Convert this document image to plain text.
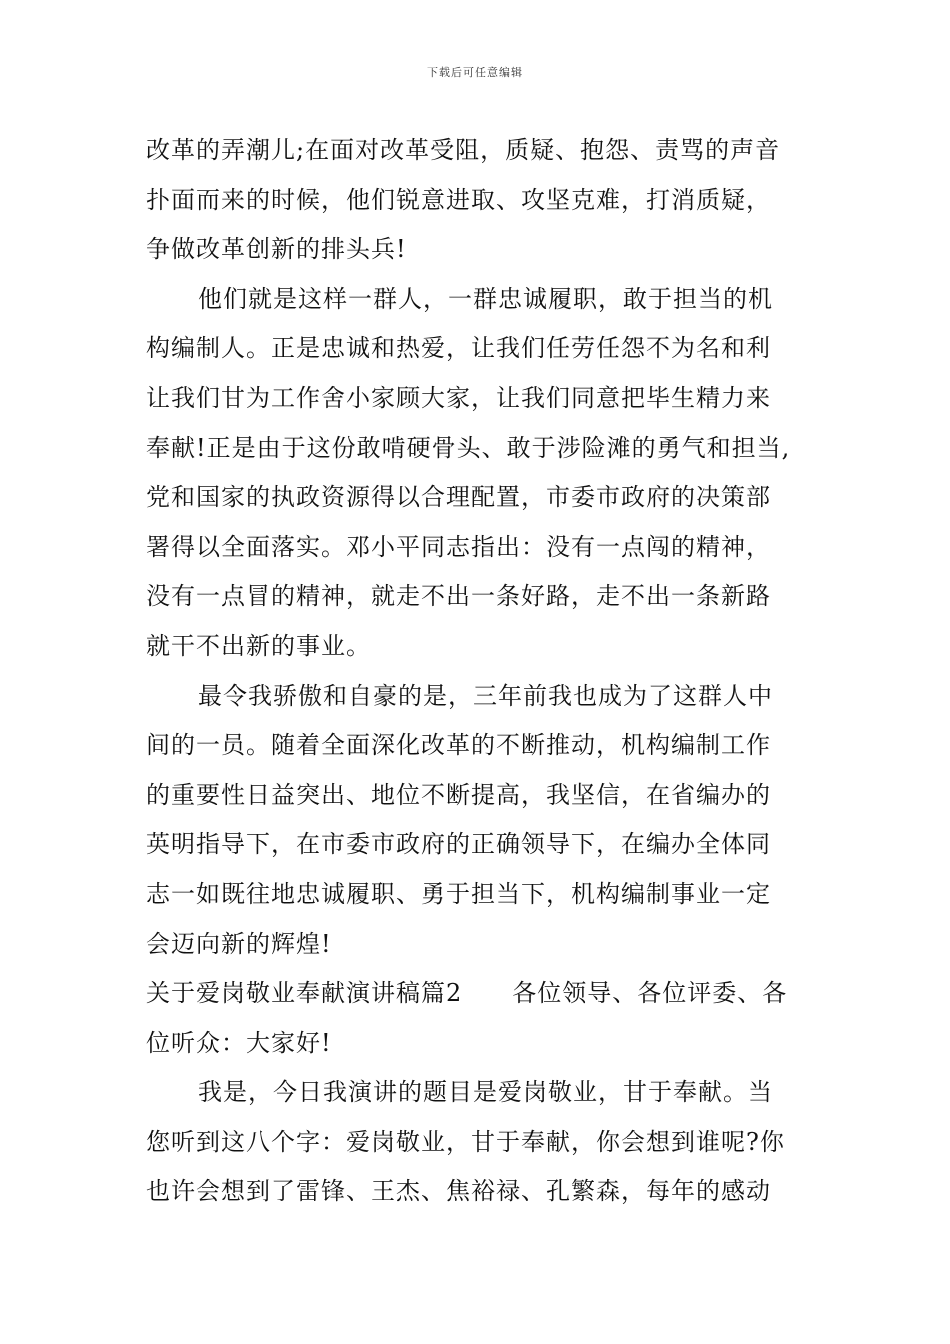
下载后可任意编辑
改革的弄潮儿;在面对改革受阻，质疑、抱怨、责骂的声音
扑面而来的时候，他们锐意进取、攻坚克难，打消质疑，
争做改革创新的排头兵!
他们就是这样一群人，一群忠诚履职，敢于担当的机
构编制人。正是忠诚和热爱，让我们任劳任怨不为名和利
让我们甘为工作舍小家顾大家，让我们同意把毕生精力来
奉献!正是由于这份敢啃硬骨头、敢于涉险滩的勇气和担当,
党和国家的执政资源得以合理配置，市委市政府的决策部
署得以全面落实。邓小平同志指出：没有一点闯的精神，
没有一点冒的精神，就走不出一条好路，走不出一条新路
就干不出新的事业。
最令我骄傲和自豪的是，三年前我也成为了这群人中
间的一员。随着全面深化改革的不断推动，机构编制工作
的重要性日益突出、地位不断提高，我坚信，在省编办的
英明指导下，在市委市政府的正确领导下，在编办全体同
志一如既往地忠诚履职、勇于担当下，机构编制事业一定
会迈向新的辉煌!
关于爱岗敬业奉献演讲稿篇2 各位领导、各位评委、各
位听众：大家好!
我是，今日我演讲的题目是爱岗敬业，甘于奉献。当
您听到这八个字：爱岗敬业，甘于奉献，你会想到谁呢?你
也许会想到了雷锋、王杰、焦裕禄、孔繁森，每年的感动
